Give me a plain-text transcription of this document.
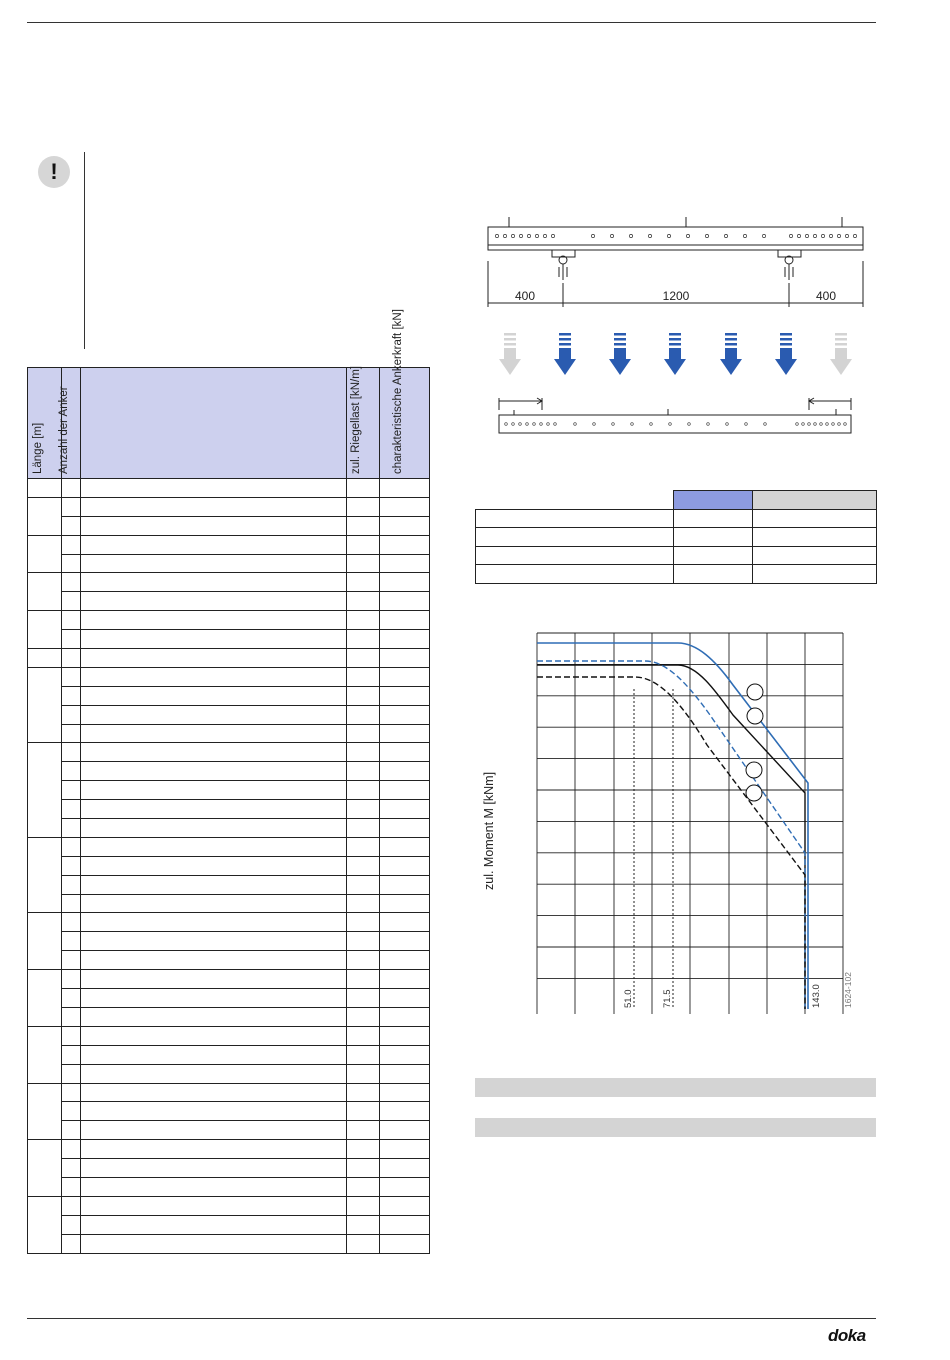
!
Länge [m]	Anzahl der Anker		zul. Riegellast [kN/m]	charakteristische Ankerkraft [kN]

400	1200	400

zul. Moment M [kNm]
51.0	71.5	143.0 1624-102
doka
